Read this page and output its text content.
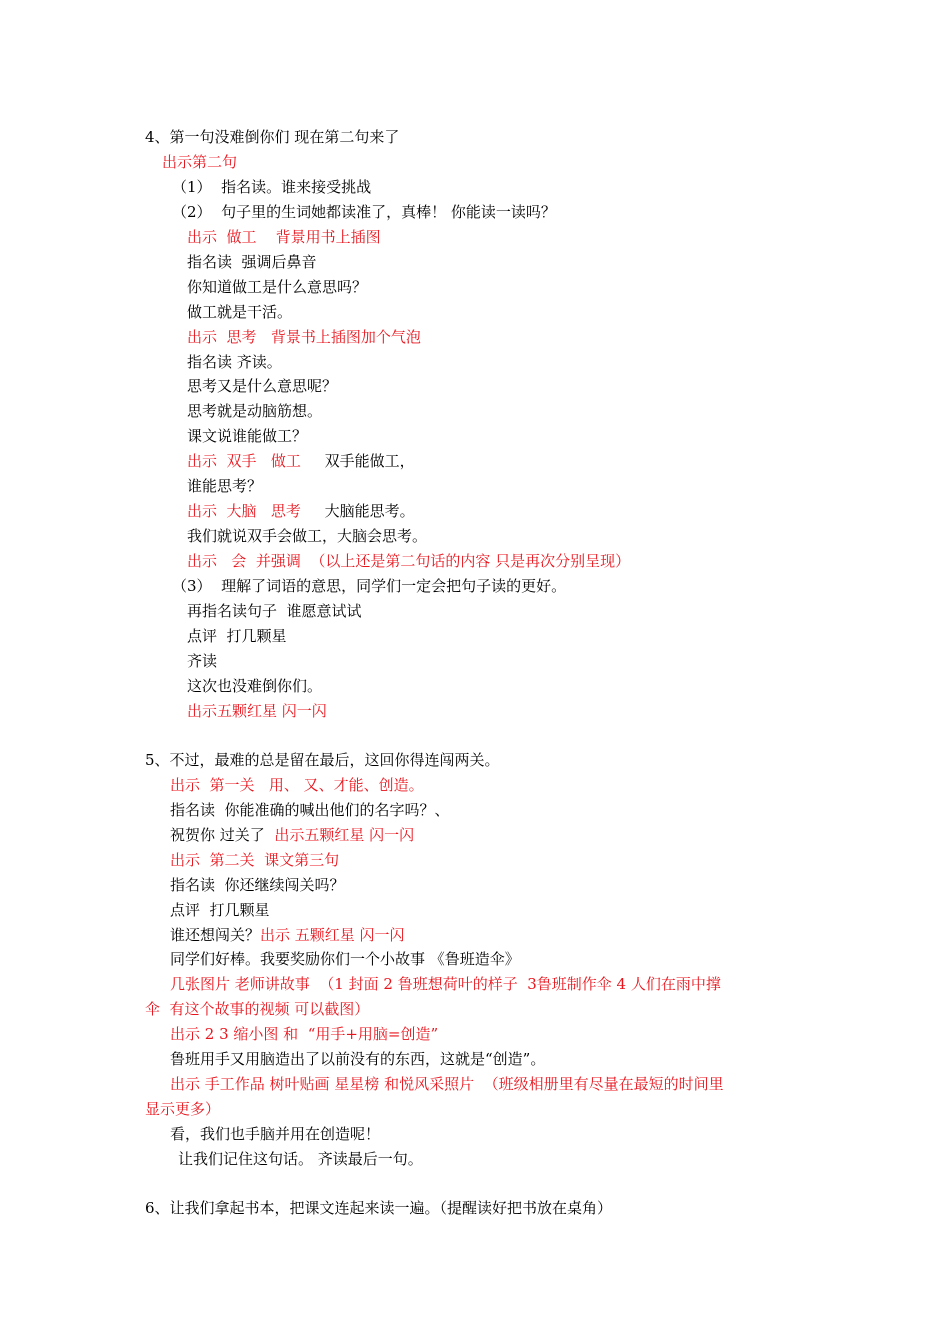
4、第一句没难倒你们 现在第二句来了
出示第二句
（1）  指名读。谁来接受挑战
（2）  句子里的生词她都读准了，真棒！ 你能读一读吗？
出示  做工    背景用书上插图
指名读  强调后鼻音
你知道做工是什么意思吗？
做工就是干活。
出示  思考   背景书上插图加个气泡
指名读 齐读。
思考又是什么意思呢？
思考就是动脑筋想。
课文说谁能做工？
出示  双手   做工     双手能做工，
谁能思考？
出示  大脑   思考     大脑能思考。
我们就说双手会做工，大脑会思考。
出示   会  并强调  （以上还是第二句话的内容 只是再次分别呈现）
（3）  理解了词语的意思，同学们一定会把句子读的更好。
再指名读句子  谁愿意试试
点评  打几颗星
齐读
这次也没难倒你们。
出示五颗红星 闪一闪
5、不过，最难的总是留在最后，这回你得连闯两关。
出示  第一关   用、 又、才能、创造。
指名读  你能准确的喊出他们的名字吗？、
祝贺你 过关了  出示五颗红星 闪一闪
出示  第二关  课文第三句
指名读  你还继续闯关吗？
点评  打几颗星
谁还想闯关？出示 五颗红星 闪一闪
同学们好棒。我要奖励你们一个小故事 《鲁班造伞》
几张图片 老师讲故事  （1 封面 2 鲁班想荷叶的样子  3鲁班制作伞 4 人们在雨中撑
伞  有这个故事的视频 可以截图）
出示 2 3 缩小图 和  “用手+用脑=创造”
鲁班用手又用脑造出了以前没有的东西，这就是“创造”。
出示 手工作品 树叶贴画 星星榜 和悦风采照片  （班级相册里有尽量在最短的时间里
显示更多）
看，我们也手脑并用在创造呢！
让我们记住这句话。 齐读最后一句。
6、让我们拿起书本，把课文连起来读一遍。（提醒读好把书放在桌角）
